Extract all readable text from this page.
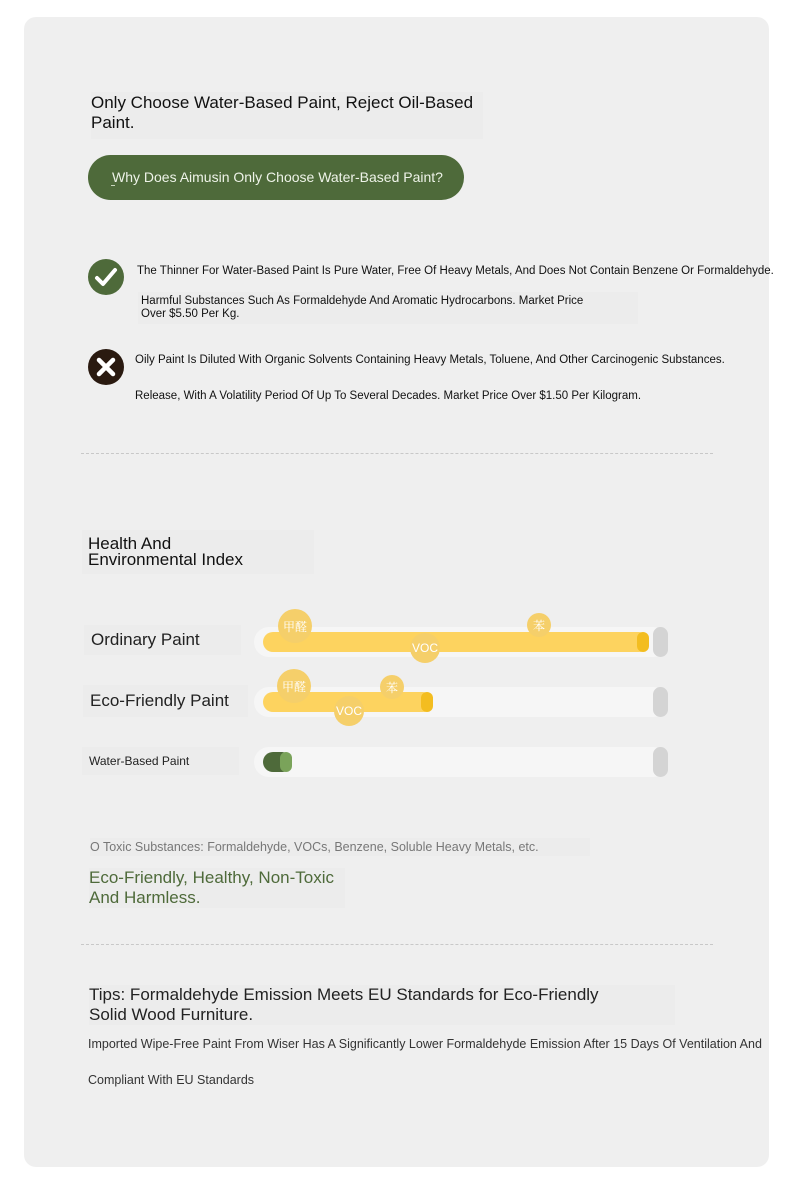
Only Choose Water-Based Paint, Reject Oil-Based Paint.
Why Does Aimusin Only Choose Water-Based Paint?
The Thinner For Water-Based Paint Is Pure Water, Free Of Heavy Metals, And Does Not Contain Benzene Or Formaldehyde.
Harmful Substances Such As Formaldehyde And Aromatic Hydrocarbons. Market Price
Over $5.50 Per Kg.
Oily Paint Is Diluted With Organic Solvents Containing Heavy Metals, Toluene, And Other Carcinogenic Substances.
Release, With A Volatility Period Of Up To Several Decades. Market Price Over $1.50 Per Kilogram.
Health And
Environmental Index
Ordinary Paint
甲醛	苯
VOC
Eco-Friendly Paint
甲醛	苯
VOC
Water-Based Paint
O Toxic Substances: Formaldehyde, VOCs, Benzene, Soluble Heavy Metals, etc.
Eco-Friendly, Healthy, Non-Toxic
And Harmless.
Tips: Formaldehyde Emission Meets EU Standards for Eco-Friendly
Solid Wood Furniture.
Imported Wipe-Free Paint From Wiser Has A Significantly Lower Formaldehyde Emission After 15 Days Of Ventilation And
Compliant With EU Standards
